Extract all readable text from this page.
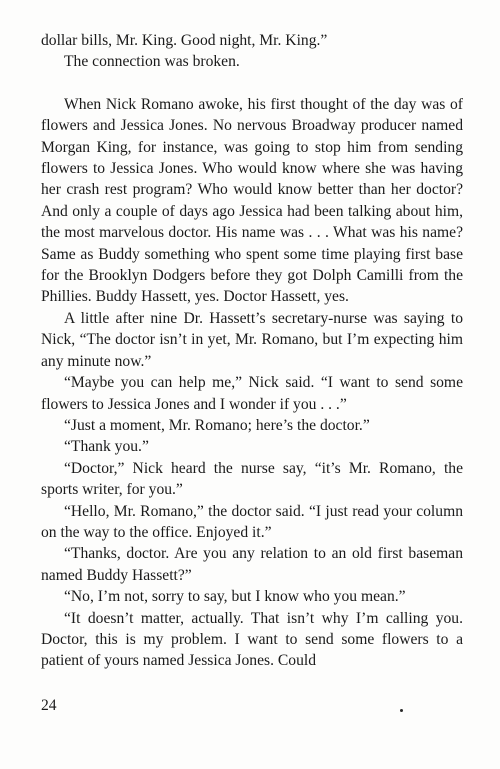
dollar bills, Mr. King. Good night, Mr. King.”

The connection was broken.

When Nick Romano awoke, his first thought of the day was of flowers and Jessica Jones. No nervous Broadway producer named Morgan King, for instance, was going to stop him from sending flowers to Jessica Jones. Who would know where she was having her crash rest program? Who would know better than her doctor? And only a couple of days ago Jessica had been talking about him, the most marvelous doctor. His name was . . . What was his name? Same as Buddy something who spent some time playing first base for the Brooklyn Dodgers before they got Dolph Camilli from the Phillies. Buddy Hassett, yes. Doctor Hassett, yes.

A little after nine Dr. Hassett’s secretary-nurse was saying to Nick, “The doctor isn’t in yet, Mr. Romano, but I’m expecting him any minute now.”

“Maybe you can help me,” Nick said. “I want to send some flowers to Jessica Jones and I wonder if you . . .”

“Just a moment, Mr. Romano; here’s the doctor.”

“Thank you.”

“Doctor,” Nick heard the nurse say, “it’s Mr. Romano, the sports writer, for you.”

“Hello, Mr. Romano,” the doctor said. “I just read your column on the way to the office. Enjoyed it.”

“Thanks, doctor. Are you any relation to an old first baseman named Buddy Hassett?”

“No, I’m not, sorry to say, but I know who you mean.”

“It doesn’t matter, actually. That isn’t why I’m calling you. Doctor, this is my problem. I want to send some flowers to a patient of yours named Jessica Jones. Could

24
